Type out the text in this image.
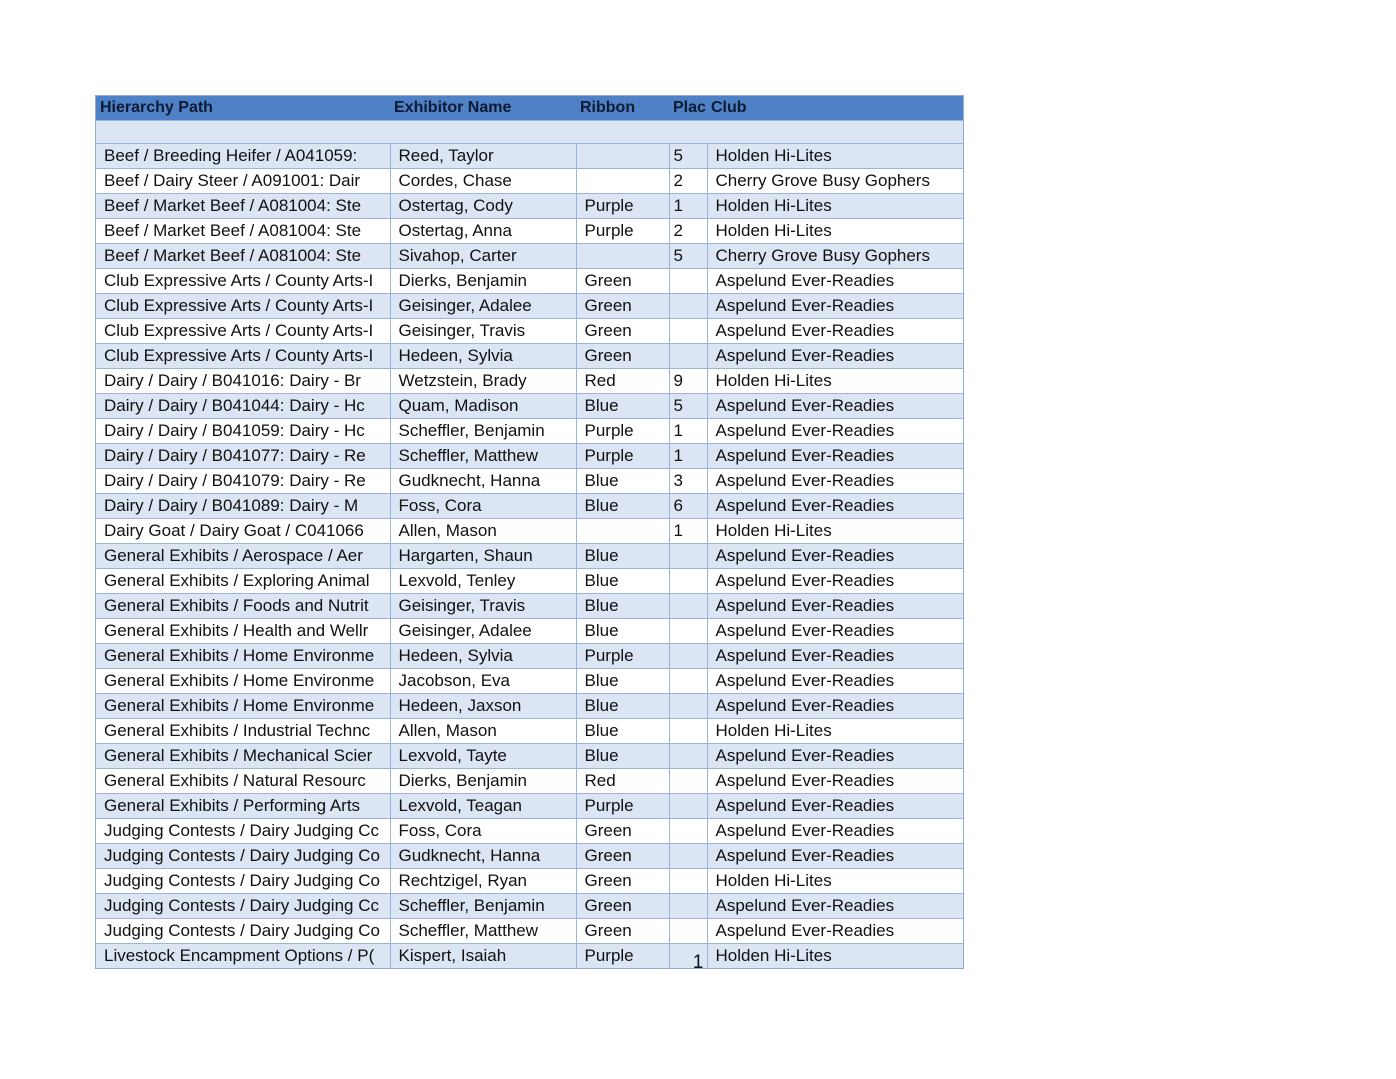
Hierarchy Path	Exhibitor Name	Ribbon	Plac	Club

Beef / Breeding Heifer / A041059:	Reed, Taylor		5	Holden Hi-Lites
Beef / Dairy Steer / A091001: Dair	Cordes, Chase		2	Cherry Grove Busy Gophers
Beef / Market Beef / A081004: Ste	Ostertag, Cody	Purple	1	Holden Hi-Lites
Beef / Market Beef / A081004: Ste	Ostertag, Anna	Purple	2	Holden Hi-Lites
Beef / Market Beef / A081004: Ste	Sivahop, Carter		5	Cherry Grove Busy Gophers
Club Expressive Arts / County Arts-I	Dierks, Benjamin	Green		Aspelund Ever-Readies
Club Expressive Arts / County Arts-I	Geisinger, Adalee	Green		Aspelund Ever-Readies
Club Expressive Arts / County Arts-I	Geisinger, Travis	Green		Aspelund Ever-Readies
Club Expressive Arts / County Arts-I	Hedeen, Sylvia	Green		Aspelund Ever-Readies
Dairy / Dairy / B041016: Dairy - Br	Wetzstein, Brady	Red	9	Holden Hi-Lites
Dairy / Dairy / B041044: Dairy - Hc	Quam, Madison	Blue	5	Aspelund Ever-Readies
Dairy / Dairy / B041059: Dairy - Hc	Scheffler, Benjamin	Purple	1	Aspelund Ever-Readies
Dairy / Dairy / B041077: Dairy - Re	Scheffler, Matthew	Purple	1	Aspelund Ever-Readies
Dairy / Dairy / B041079: Dairy - Re	Gudknecht, Hanna	Blue	3	Aspelund Ever-Readies
Dairy / Dairy / B041089: Dairy - M	Foss, Cora	Blue	6	Aspelund Ever-Readies
Dairy Goat / Dairy Goat / C041066	Allen, Mason		1	Holden Hi-Lites
General Exhibits / Aerospace / Aer	Hargarten, Shaun	Blue		Aspelund Ever-Readies
General Exhibits / Exploring Animal	Lexvold, Tenley	Blue		Aspelund Ever-Readies
General Exhibits / Foods and Nutrit	Geisinger, Travis	Blue		Aspelund Ever-Readies
General Exhibits / Health and Wellr	Geisinger, Adalee	Blue		Aspelund Ever-Readies
General Exhibits / Home Environme	Hedeen, Sylvia	Purple		Aspelund Ever-Readies
General Exhibits / Home Environme	Jacobson, Eva	Blue		Aspelund Ever-Readies
General Exhibits / Home Environme	Hedeen, Jaxson	Blue		Aspelund Ever-Readies
General Exhibits / Industrial Technc	Allen, Mason	Blue		Holden Hi-Lites
General Exhibits / Mechanical Scier	Lexvold, Tayte	Blue		Aspelund Ever-Readies
General Exhibits / Natural Resourc	Dierks, Benjamin	Red		Aspelund Ever-Readies
General Exhibits / Performing Arts	Lexvold, Teagan	Purple		Aspelund Ever-Readies
Judging Contests / Dairy Judging Cc	Foss, Cora	Green		Aspelund Ever-Readies
Judging Contests / Dairy Judging Co	Gudknecht, Hanna	Green		Aspelund Ever-Readies
Judging Contests / Dairy Judging Co	Rechtzigel, Ryan	Green		Holden Hi-Lites
Judging Contests / Dairy Judging Cc	Scheffler, Benjamin	Green		Aspelund Ever-Readies
Judging Contests / Dairy Judging Co	Scheffler, Matthew	Green		Aspelund Ever-Readies
Livestock Encampment Options / P(	Kispert, Isaiah	Purple		Holden Hi-Lites
1
